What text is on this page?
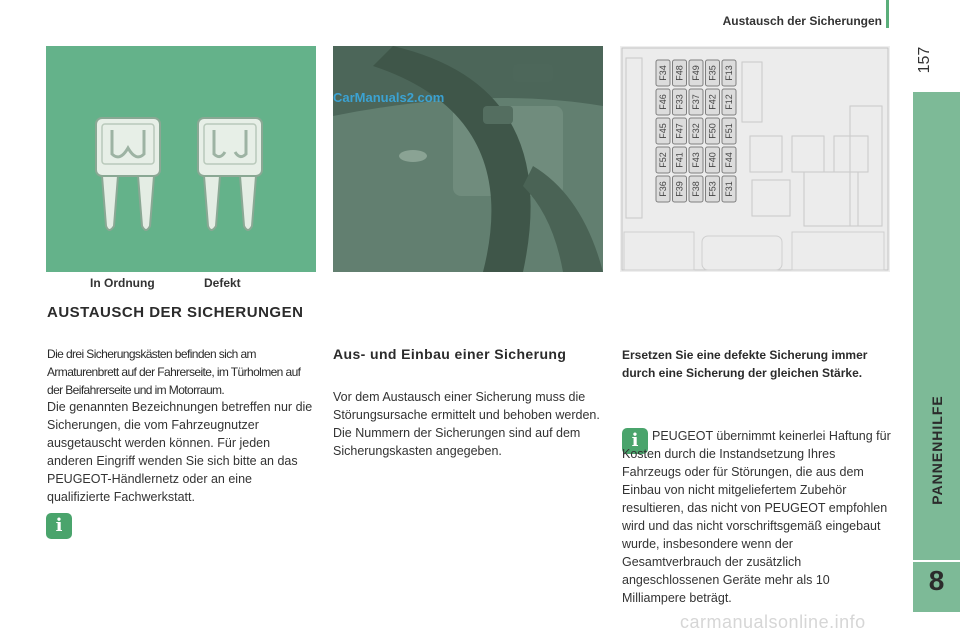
Austausch der Sicherungen
157
PANNENHILFE
8
In Ordnung	Defekt
CarManuals2.com
F34 F48 F49 F35 F13
F46 F33 F37 F42 F12
F45 F47 F32 F50 F51
F52 F41 F43 F40 F44
F36 F39 F38 F53 F31
AUSTAUSCH DER SICHERUNGEN
Die drei Sicherungskästen befinden sich am Armaturenbrett auf der Fahrerseite, im Türholmen auf der Beifahrerseite und im Motorraum.
Die genannten Bezeichnungen betreffen nur die Sicherungen, die vom Fahrzeugnutzer ausgetauscht werden können. Für jeden anderen Eingriff wenden Sie sich bitte an das PEUGEOT-Händlernetz oder an eine qualifizierte Fachwerkstatt.
i
Aus- und Einbau einer Sicherung
Vor dem Austausch einer Sicherung muss die Störungsursache ermittelt und behoben werden. Die Nummern der Sicherungen sind auf dem Sicherungskasten angegeben.
Ersetzen Sie eine defekte Sicherung immer durch eine Sicherung der gleichen Stärke.
i	PEUGEOT übernimmt keinerlei Haftung für Kosten durch die Instandsetzung Ihres Fahrzeugs oder für Störungen, die aus dem Einbau von nicht mitgeliefertem Zubehör resultieren, das nicht von PEUGEOT empfohlen wird und das nicht vorschriftsgemäß eingebaut wurde, insbesondere wenn der Gesamtverbrauch der zusätzlich angeschlossenen Geräte mehr als 10 Milliampere beträgt.
carmanualsonline.info
